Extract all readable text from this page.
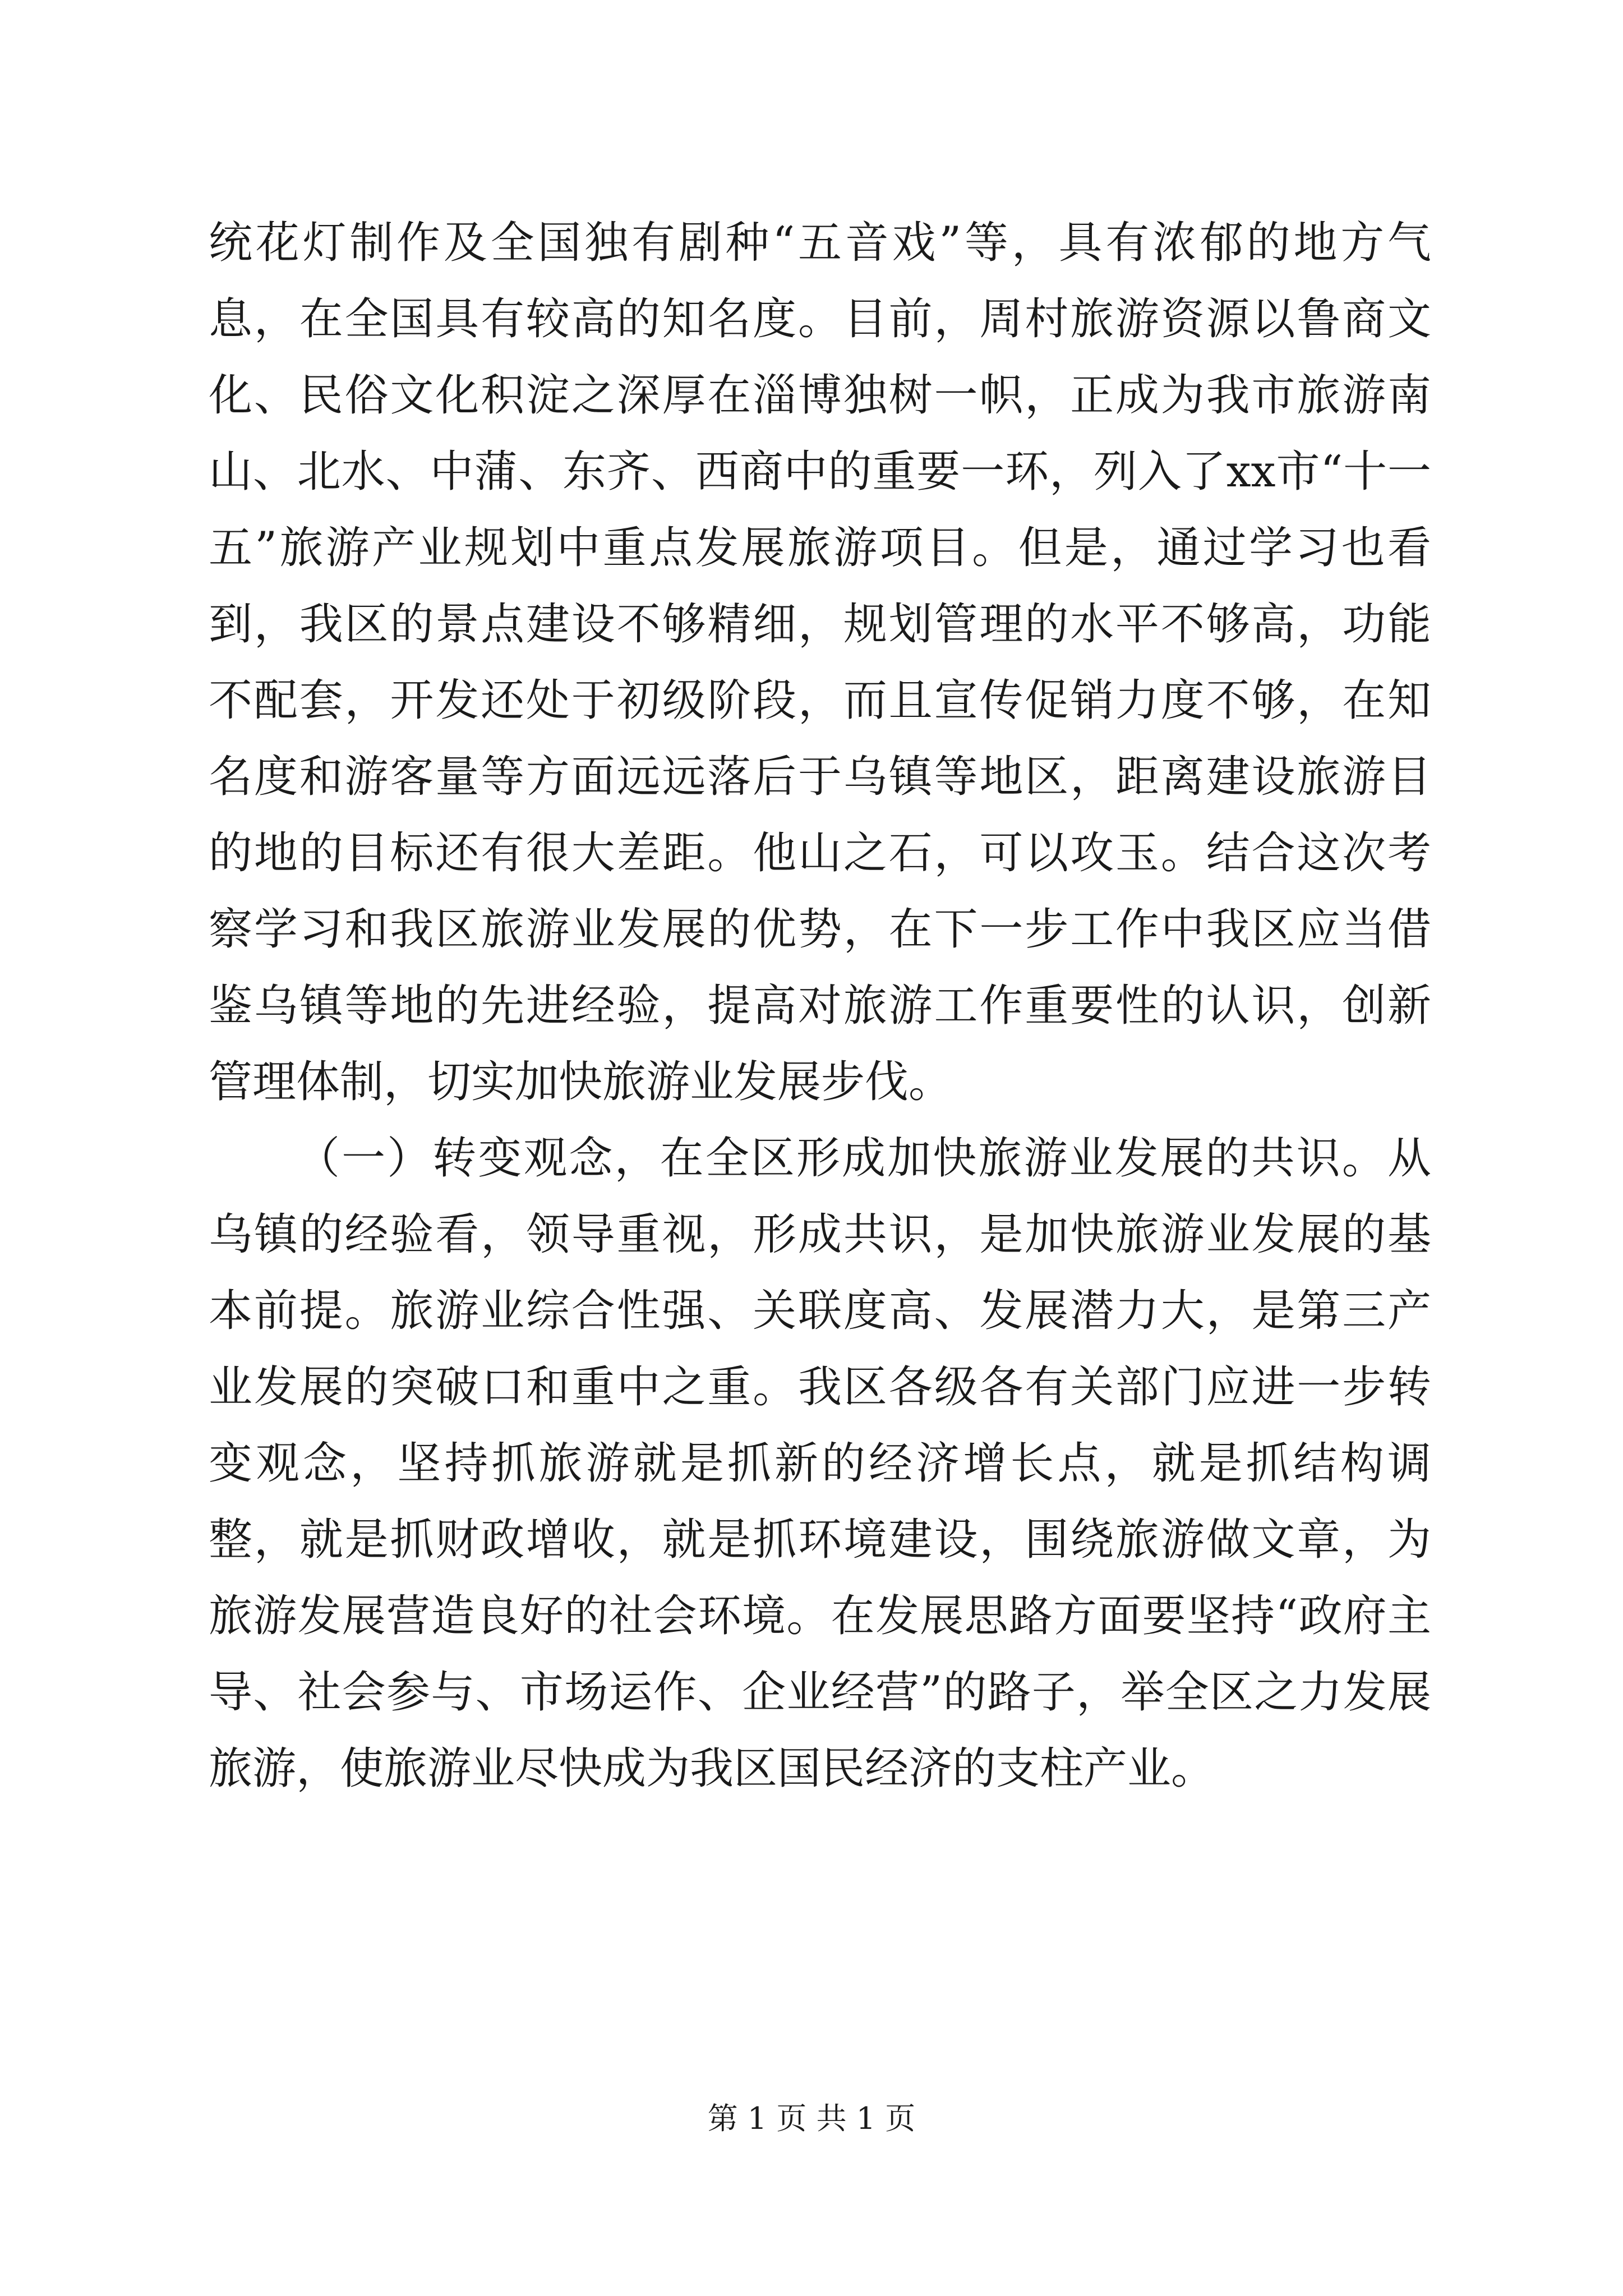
统花灯制作及全国独有剧种“五音戏”等，具有浓郁的地方气息，在全国具有较高的知名度。目前，周村旅游资源以鲁商文化、民俗文化积淀之深厚在淄博独树一帜，正成为我市旅游南山、北水、中蒲、东齐、西商中的重要一环，列入了xx市“十一五”旅游产业规划中重点发展旅游项目。但是，通过学习也看到，我区的景点建设不够精细，规划管理的水平不够高，功能不配套，开发还处于初级阶段，而且宣传促销力度不够，在知名度和游客量等方面远远落后于乌镇等地区，距离建设旅游目的地的目标还有很大差距。他山之石，可以攻玉。结合这次考察学习和我区旅游业发展的优势，在下一步工作中我区应当借鉴乌镇等地的先进经验，提高对旅游工作重要性的认识，创新管理体制，切实加快旅游业发展步伐。

（一）转变观念，在全区形成加快旅游业发展的共识。从乌镇的经验看，领导重视，形成共识，是加快旅游业发展的基本前提。旅游业综合性强、关联度高、发展潜力大，是第三产业发展的突破口和重中之重。我区各级各有关部门应进一步转变观念，坚持抓旅游就是抓新的经济增长点，就是抓结构调整，就是抓财政增收，就是抓环境建设，围绕旅游做文章，为旅游发展营造良好的社会环境。在发展思路方面要坚持“政府主导、社会参与、市场运作、企业经营”的路子，举全区之力发展旅游，使旅游业尽快成为我区国民经济的支柱产业。

第 1 页 共 1 页
